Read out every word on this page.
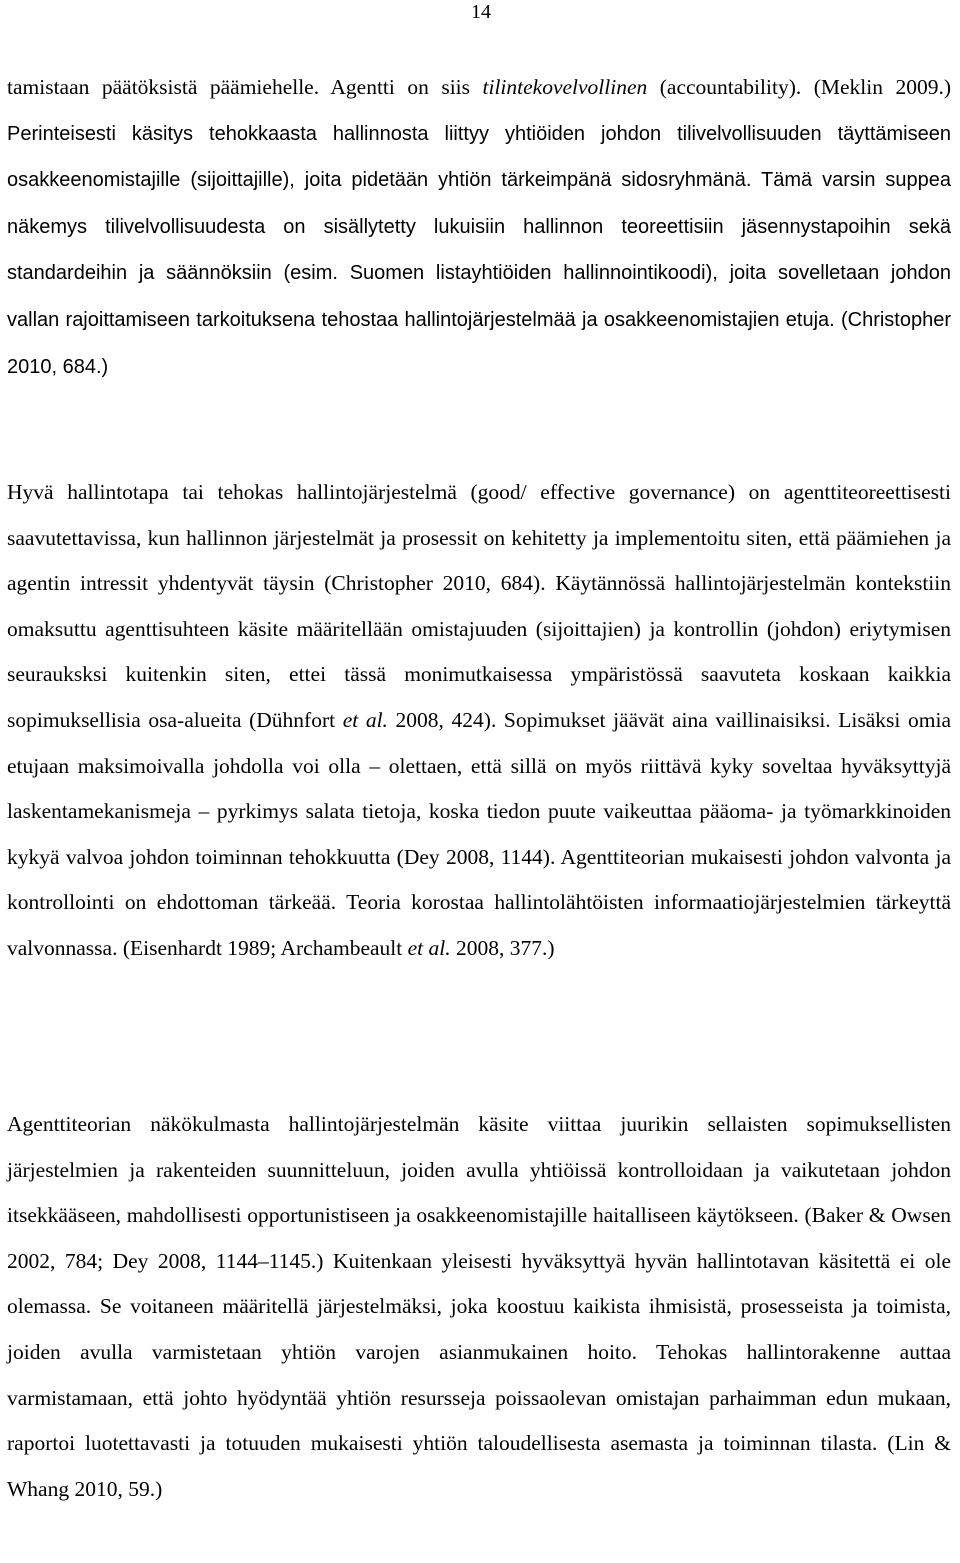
14

tamistaan päätöksistä päämiehelle. Agentti on siis tilintekovelvollinen (accountability). (Meklin 2009.) Perinteisesti käsitys tehokkaasta hallinnosta liittyy yhtiöiden johdon tilivelvollisuuden täyttämiseen osakkeenomistajille (sijoittajille), joita pidetään yhtiön tärkeimpänä sidosryhmänä. Tämä varsin suppea näkemys tilivelvollisuudesta on sisällytetty lukuisiin hallinnon teoreettisiin jäsennystapoihin sekä standardeihin ja säännöksiin (esim. Suomen listayhtiöiden hallinnointikoodi), joita sovelletaan johdon vallan rajoittamiseen tarkoituksena tehostaa hallintojärjestelmää ja osakkeenomistajien etuja. (Christopher 2010, 684.)

Hyvä hallintotapa tai tehokas hallintojärjestelmä (good/ effective governance) on agenttiteoreettisesti saavutettavissa, kun hallinnon järjestelmät ja prosessit on kehitetty ja implementoitu siten, että päämiehen ja agentin intressit yhdentyvät täysin (Christopher 2010, 684). Käytännössä hallintojärjestelmän kontekstiin omaksuttu agenttisuhteen käsite määritellään omistajuuden (sijoittajien) ja kontrollin (johdon) eriytymisen seurauksksi kuitenkin siten, ettei tässä monimutkaisessa ympäristössä saavuteta koskaan kaikkia sopimuksellisia osa-alueita (Dühnfort et al. 2008, 424). Sopimukset jäävät aina vaillinaisiksi. Lisäksi omia etujaan maksimoivalla johdolla voi olla – olettaen, että sillä on myös riittävä kyky soveltaa hyväksyttyjä laskentamekanismeja – pyrkimys salata tietoja, koska tiedon puute vaikeuttaa pääoma- ja työmarkkinoiden kykyä valvoa johdon toiminnan tehokkuutta (Dey 2008, 1144). Agenttiteorian mukaisesti johdon valvonta ja kontrollointi on ehdottoman tärkeää. Teoria korostaa hallintolähtöisten informaatiojärjestelmien tärkeyttä valvonnassa. (Eisenhardt 1989; Archambeault et al. 2008, 377.)

Agenttiteorian näkökulmasta hallintojärjestelmän käsite viittaa juurikin sellaisten sopimuksellisten järjestelmien ja rakenteiden suunnitteluun, joiden avulla yhtiöissä kontrolloidaan ja vaikutetaan johdon itsekkääseen, mahdollisesti opportunistiseen ja osakkeenomistajille haitalliseen käytökseen. (Baker & Owsen 2002, 784; Dey 2008, 1144–1145.) Kuitenkaan yleisesti hyväksyttyä hyvän hallintotavan käsitettä ei ole olemassa. Se voitaneen määritellä järjestelmäksi, joka koostuu kaikista ihmisistä, prosesseista ja toimista, joiden avulla varmistetaan yhtiön varojen asianmukainen hoito. Tehokas hallintorakenne auttaa varmistamaan, että johto hyödyntää yhtiön resursseja poissaolevan omistajan parhaimman edun mukaan, raportoi luotettavasti ja totuuden mukaisesti yhtiön taloudellisesta asemasta ja toiminnan tilasta. (Lin & Whang 2010, 59.)
